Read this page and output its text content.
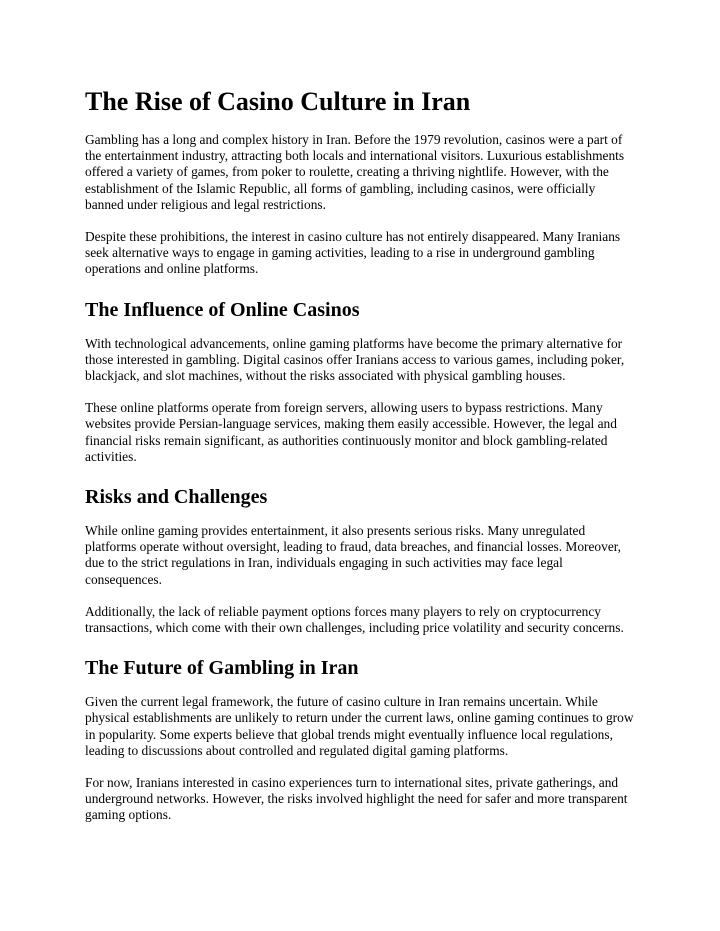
The Rise of Casino Culture in Iran

Gambling has a long and complex history in Iran. Before the 1979 revolution, casinos were a part of the entertainment industry, attracting both locals and international visitors. Luxurious establishments offered a variety of games, from poker to roulette, creating a thriving nightlife. However, with the establishment of the Islamic Republic, all forms of gambling, including casinos, were officially banned under religious and legal restrictions.

Despite these prohibitions, the interest in casino culture has not entirely disappeared. Many Iranians seek alternative ways to engage in gaming activities, leading to a rise in underground gambling operations and online platforms.

The Influence of Online Casinos

With technological advancements, online gaming platforms have become the primary alternative for those interested in gambling. Digital casinos offer Iranians access to various games, including poker, blackjack, and slot machines, without the risks associated with physical gambling houses.

These online platforms operate from foreign servers, allowing users to bypass restrictions. Many websites provide Persian-language services, making them easily accessible. However, the legal and financial risks remain significant, as authorities continuously monitor and block gambling-related activities.

Risks and Challenges

While online gaming provides entertainment, it also presents serious risks. Many unregulated platforms operate without oversight, leading to fraud, data breaches, and financial losses. Moreover, due to the strict regulations in Iran, individuals engaging in such activities may face legal consequences.

Additionally, the lack of reliable payment options forces many players to rely on cryptocurrency transactions, which come with their own challenges, including price volatility and security concerns.

The Future of Gambling in Iran

Given the current legal framework, the future of casino culture in Iran remains uncertain. While physical establishments are unlikely to return under the current laws, online gaming continues to grow in popularity. Some experts believe that global trends might eventually influence local regulations, leading to discussions about controlled and regulated digital gaming platforms.

For now, Iranians interested in casino experiences turn to international sites, private gatherings, and underground networks. However, the risks involved highlight the need for safer and more transparent gaming options.
